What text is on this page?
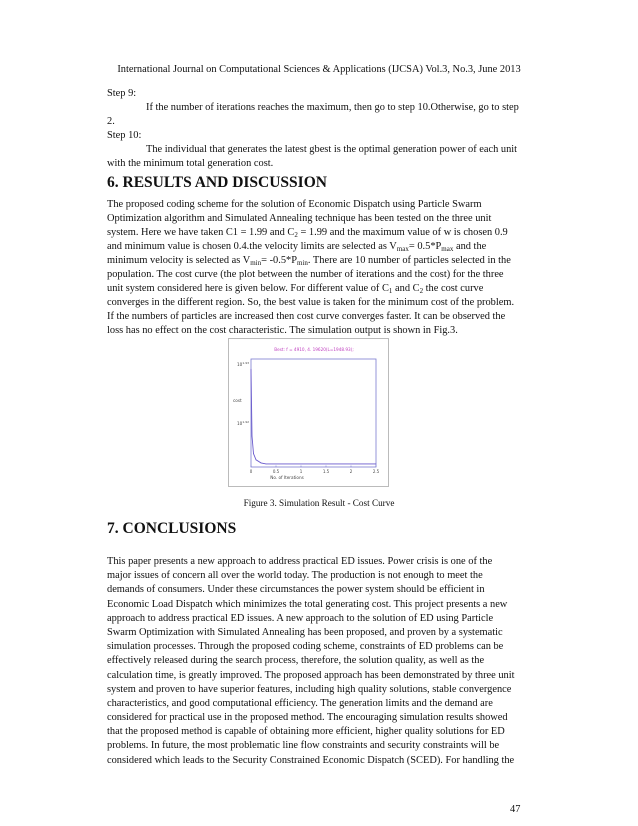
International Journal on Computational Sciences & Applications (IJCSA) Vol.3, No.3, June 2013
Step 9:
If the number of iterations reaches the maximum, then go to step 10.Otherwise, go to step
2.
Step 10:
The individual that generates the latest gbest is the optimal generation power of each unit
with the minimum total generation cost.
6. RESULTS AND DISCUSSION
The proposed coding scheme for the solution of Economic Dispatch using Particle Swarm
Optimization algorithm and Simulated Annealing technique has been tested on the three unit
system. Here we have taken C1 = 1.99 and $C_2 = 1.99$ and the maximum value of w is chosen 0.9
and minimum value is chosen 0.4.the velocity limits are selected as $V_{max}= 0.5*P_{max}$ and the
minimum velocity is selected as $V_{min}= -0.5*P_{min}$. There are 10 number of particles selected in the
population. The cost curve (the plot between the number of iterations and the cost) for the three
unit system considered here is given below. For different value of $C_1$ and $C_2$ the cost curve
converges in the different region. So, the best value is taken for the minimum cost of the problem.
If the numbers of particles are increased then cost curve converges faster. It can be observed the
loss has no effect on the cost characteristic. The simulation output is shown in Fig.3.
Best: f = 4910, 4. 19620(L=1948.93);
$10^{1.93}$
$10^{1.92}$
cost
0	0.5	1	1.5	2	2.5
No. of Iterations
Figure 3. Simulation Result - Cost Curve
7. CONCLUSIONS
This paper presents a new approach to address practical ED issues. Power crisis is one of the
major issues of concern all over the world today. The production is not enough to meet the
demands of consumers. Under these circumstances the power system should be efficient in
Economic Load Dispatch which minimizes the total generating cost. This project presents a new
approach to address practical ED issues. A new approach to the solution of ED using Particle
Swarm Optimization with Simulated Annealing has been proposed, and proven by a systematic
simulation processes. Through the proposed coding scheme, constraints of ED problems can be
effectively released during the search process, therefore, the solution quality, as well as the
calculation time, is greatly improved. The proposed approach has been demonstrated by three unit
system and proven to have superior features, including high quality solutions, stable convergence
characteristics, and good computational efficiency. The generation limits and the demand are
considered for practical use in the proposed method. The encouraging simulation results showed
that the proposed method is capable of obtaining more efficient, higher quality solutions for ED
problems. In future, the most problematic line flow constraints and security constraints will be
considered which leads to the Security Constrained Economic Dispatch (SCED). For handling the
47
